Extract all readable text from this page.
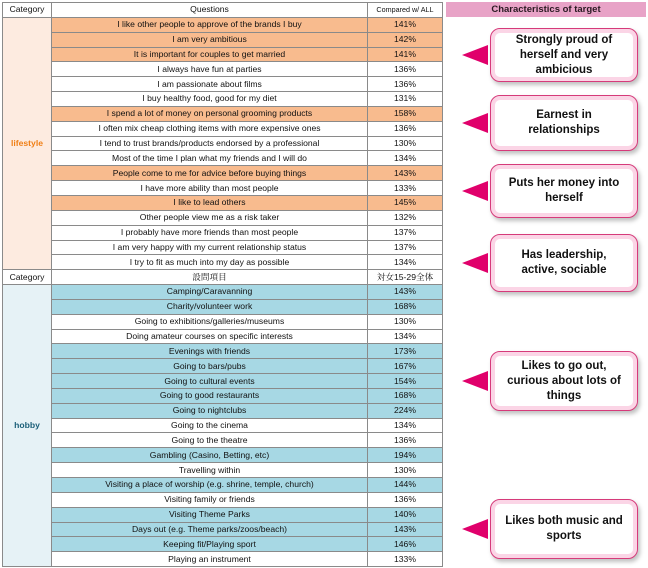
Category	Questions	Compared w/ ALL
lifestyle	I like other people to approve of the brands I buy	141%
	I am very ambitious	142%
	It is important for couples to get married	141%
	I always have fun at parties	136%
	I am passionate about films	136%
	I buy healthy food, good for my diet	131%
	I spend a lot of money on personal grooming products	158%
	I often mix cheap clothing items with more expensive ones	136%
	I tend to trust brands/products endorsed by a professional	130%
	Most of the time I plan what my friends and I will do	134%
	People come to me for advice before buying things	143%
	I have more ability than most people	133%
	I like to lead others	145%
	Other people view me as a risk taker	132%
	I probably have more friends than most people	137%
	I am very happy with my current relationship status	137%
	I try to fit as much into my day as possible	134%
Category	設問項目	対女15-29全体
hobby	Camping/Caravanning	143%
	Charity/volunteer work	168%
	Going to exhibitions/galleries/museums	130%
	Doing amateur courses on specific interests	134%
	Evenings with friends	173%
	Going to bars/pubs	167%
	Going to cultural events	154%
	Going to good restaurants	168%
	Going to nightclubs	224%
	Going to the cinema	134%
	Going to the theatre	136%
	Gambling (Casino, Betting, etc)	194%
	Travelling within	130%
	Visiting a place of worship (e.g. shrine, temple, church)	144%
	Visiting family or friends	136%
	Visiting Theme Parks	140%
	Days out (e.g. Theme parks/zoos/beach)	143%
	Keeping fit/Playing sport	146%
	Playing an instrument	133%
Characteristics of target
Strongly proud of herself and very ambicious
Earnest in relationships
Puts her money into herself
Has leadership, active, sociable
Likes to go out, curious about lots of things
Likes both music and sports
